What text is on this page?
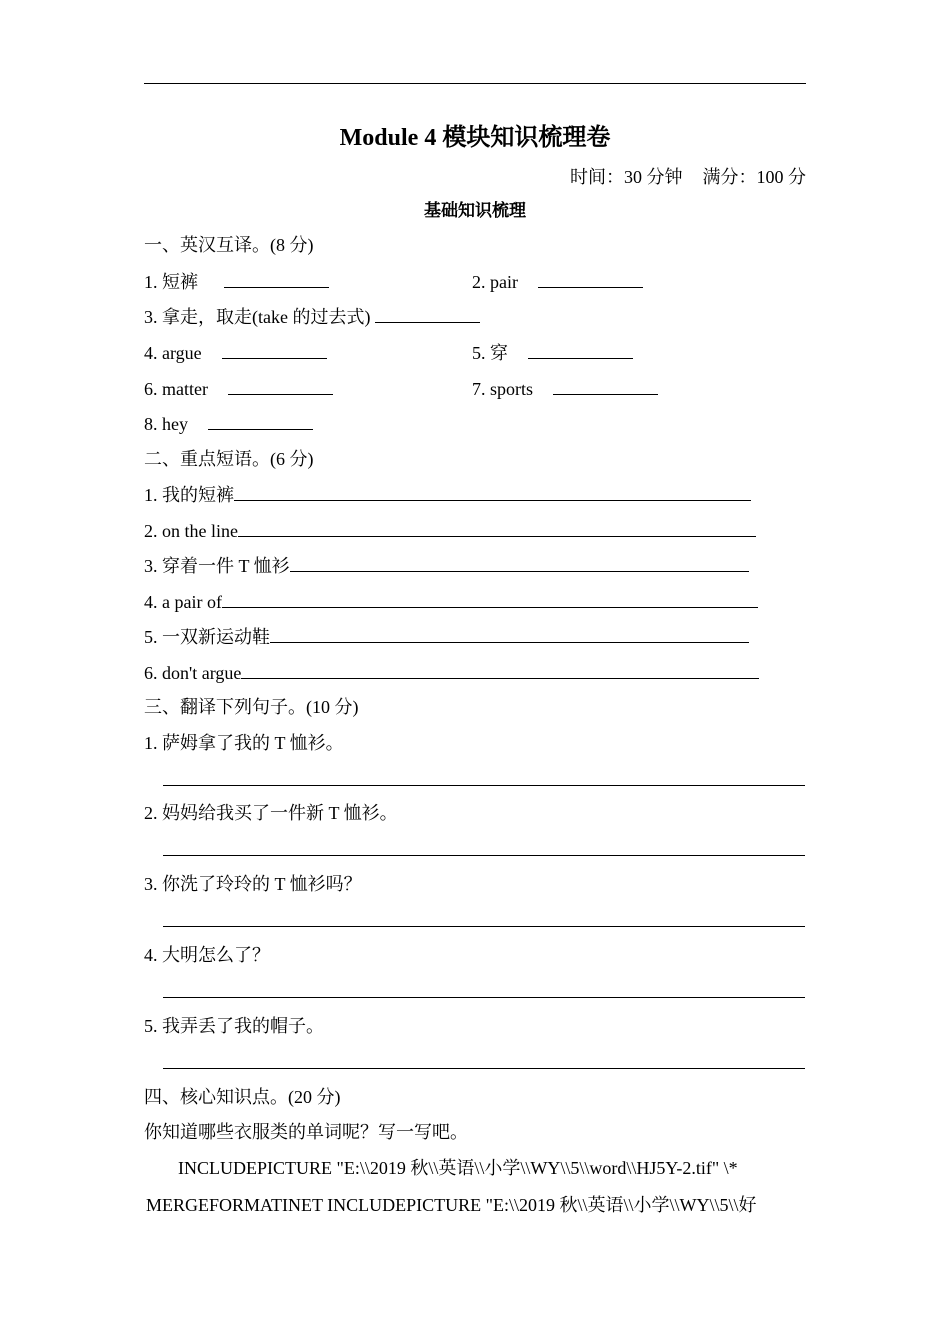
Module 4 模块知识梳理卷
时间：30 分钟 满分：100 分
基础知识梳理
一、英汉互译。(8 分)
1. 短裤	2. pair
3. 拿走，取走(take 的过去式)
4. argue	5. 穿
6. matter	7. sports
8. hey
二、重点短语。(6 分)
1. 我的短裤
2. on the line
3. 穿着一件 T 恤衫
4. a pair of
5. 一双新运动鞋
6. don't argue
三、翻译下列句子。(10 分)
1. 萨姆拿了我的 T 恤衫。
2. 妈妈给我买了一件新 T 恤衫。
3. 你洗了玲玲的 T 恤衫吗？
4. 大明怎么了？
5. 我弄丢了我的帽子。
四、核心知识点。(20 分)
你知道哪些衣服类的单词呢？写一写吧。
INCLUDEPICTURE "E:\\2019 秋\\英语\\小学\\WY\\5\\word\\HJ5Y-2.tif" \*
MERGEFORMATINET INCLUDEPICTURE "E:\\2019 秋\\英语\\小学\\WY\\5\\好
